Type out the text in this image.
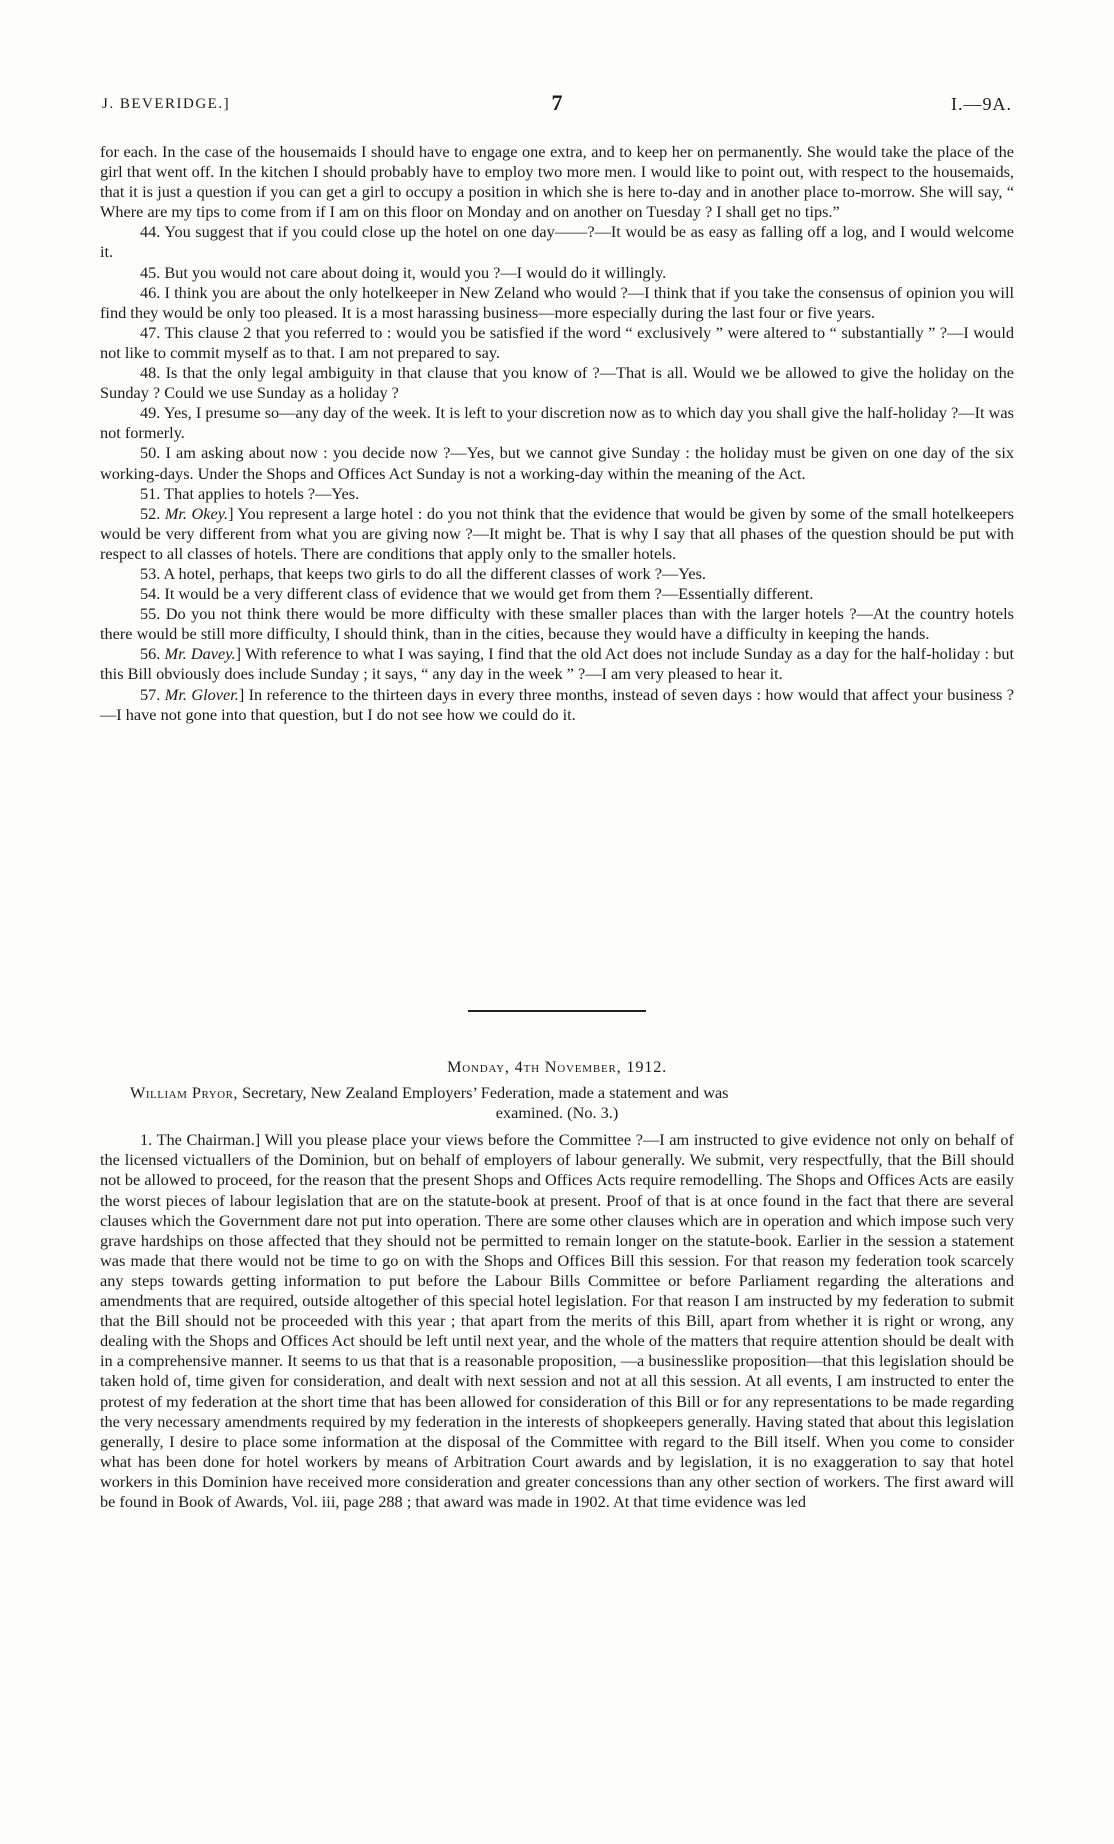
J. BEVERIDGE.]	7	I.—9A.

for each. In the case of the housemaids I should have to engage one extra, and to keep her on permanently. She would take the place of the girl that went off. In the kitchen I should probably have to employ two more men. I would like to point out, with respect to the housemaids, that it is just a question if you can get a girl to occupy a position in which she is here to-day and in another place to-morrow. She will say, “ Where are my tips to come from if I am on this floor on Monday and on another on Tuesday ? I shall get no tips.”

44. You suggest that if you could close up the hotel on one day——?—It would be as easy as falling off a log, and I would welcome it.

45. But you would not care about doing it, would you ?—I would do it willingly.

46. I think you are about the only hotelkeeper in New Zeland who would ?—I think that if you take the consensus of opinion you will find they would be only too pleased. It is a most harassing business—more especially during the last four or five years.

47. This clause 2 that you referred to : would you be satisfied if the word “ exclusively ” were altered to “ substantially ” ?—I would not like to commit myself as to that. I am not prepared to say.

48. Is that the only legal ambiguity in that clause that you know of ?—That is all. Would we be allowed to give the holiday on the Sunday ? Could we use Sunday as a holiday ?

49. Yes, I presume so—any day of the week. It is left to your discretion now as to which day you shall give the half-holiday ?—It was not formerly.

50. I am asking about now : you decide now ?—Yes, but we cannot give Sunday : the holiday must be given on one day of the six working-days. Under the Shops and Offices Act Sunday is not a working-day within the meaning of the Act.

51. That applies to hotels ?—Yes.

52. Mr. Okey.] You represent a large hotel : do you not think that the evidence that would be given by some of the small hotelkeepers would be very different from what you are giving now ?—It might be. That is why I say that all phases of the question should be put with respect to all classes of hotels. There are conditions that apply only to the smaller hotels.

53. A hotel, perhaps, that keeps two girls to do all the different classes of work ?—Yes.

54. It would be a very different class of evidence that we would get from them ?—Essentially different.

55. Do you not think there would be more difficulty with these smaller places than with the larger hotels ?—At the country hotels there would be still more difficulty, I should think, than in the cities, because they would have a difficulty in keeping the hands.

56. Mr. Davey.] With reference to what I was saying, I find that the old Act does not include Sunday as a day for the half-holiday : but this Bill obviously does include Sunday ; it says, “ any day in the week ” ?—I am very pleased to hear it.

57. Mr. Glover.] In reference to the thirteen days in every three months, instead of seven days : how would that affect your business ?—I have not gone into that question, but I do not see how we could do it.

Monday, 4th November, 1912.

William Pryor, Secretary, New Zealand Employers’ Federation, made a statement and was

examined. (No. 3.)

1. The Chairman.] Will you please place your views before the Committee ?—I am instructed to give evidence not only on behalf of the licensed victuallers of the Dominion, but on behalf of employers of labour generally. We submit, very respectfully, that the Bill should not be allowed to proceed, for the reason that the present Shops and Offices Acts require remodelling. The Shops and Offices Acts are easily the worst pieces of labour legislation that are on the statute-book at present. Proof of that is at once found in the fact that there are several clauses which the Government dare not put into operation. There are some other clauses which are in operation and which impose such very grave hardships on those affected that they should not be permitted to remain longer on the statute-book. Earlier in the session a statement was made that there would not be time to go on with the Shops and Offices Bill this session. For that reason my federation took scarcely any steps towards getting information to put before the Labour Bills Committee or before Parliament regarding the alterations and amendments that are required, outside altogether of this special hotel legislation. For that reason I am instructed by my federation to submit that the Bill should not be proceeded with this year ; that apart from the merits of this Bill, apart from whether it is right or wrong, any dealing with the Shops and Offices Act should be left until next year, and the whole of the matters that require attention should be dealt with in a comprehensive manner. It seems to us that that is a reasonable proposition, —a businesslike proposition—that this legislation should be taken hold of, time given for consideration, and dealt with next session and not at all this session. At all events, I am instructed to enter the protest of my federation at the short time that has been allowed for consideration of this Bill or for any representations to be made regarding the very necessary amendments required by my federation in the interests of shopkeepers generally. Having stated that about this legislation generally, I desire to place some information at the disposal of the Committee with regard to the Bill itself. When you come to consider what has been done for hotel workers by means of Arbitration Court awards and by legislation, it is no exaggeration to say that hotel workers in this Dominion have received more consideration and greater concessions than any other section of workers. The first award will be found in Book of Awards, Vol. iii, page 288 ; that award was made in 1902. At that time evidence was led
